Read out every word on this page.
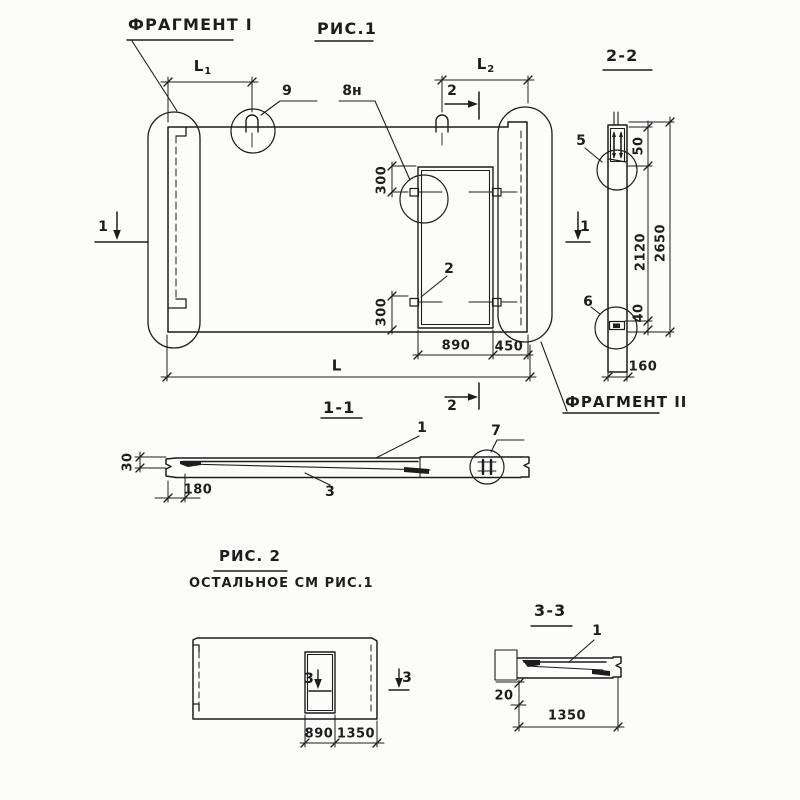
ФРАГМЕНТ I	РИС.1
2-2
$L_1$	$L_2$
9	8н	2
2
2
1	1
300
300
890 450
L
5
6
50
2120 2650
40
160
ФРАГМЕНТ II
1-1
1	7
3
30
180
РИС. 2
ОСТАЛЬНОЕ СМ РИС.1
3	3
890 1350
3-3
1
20
1350
